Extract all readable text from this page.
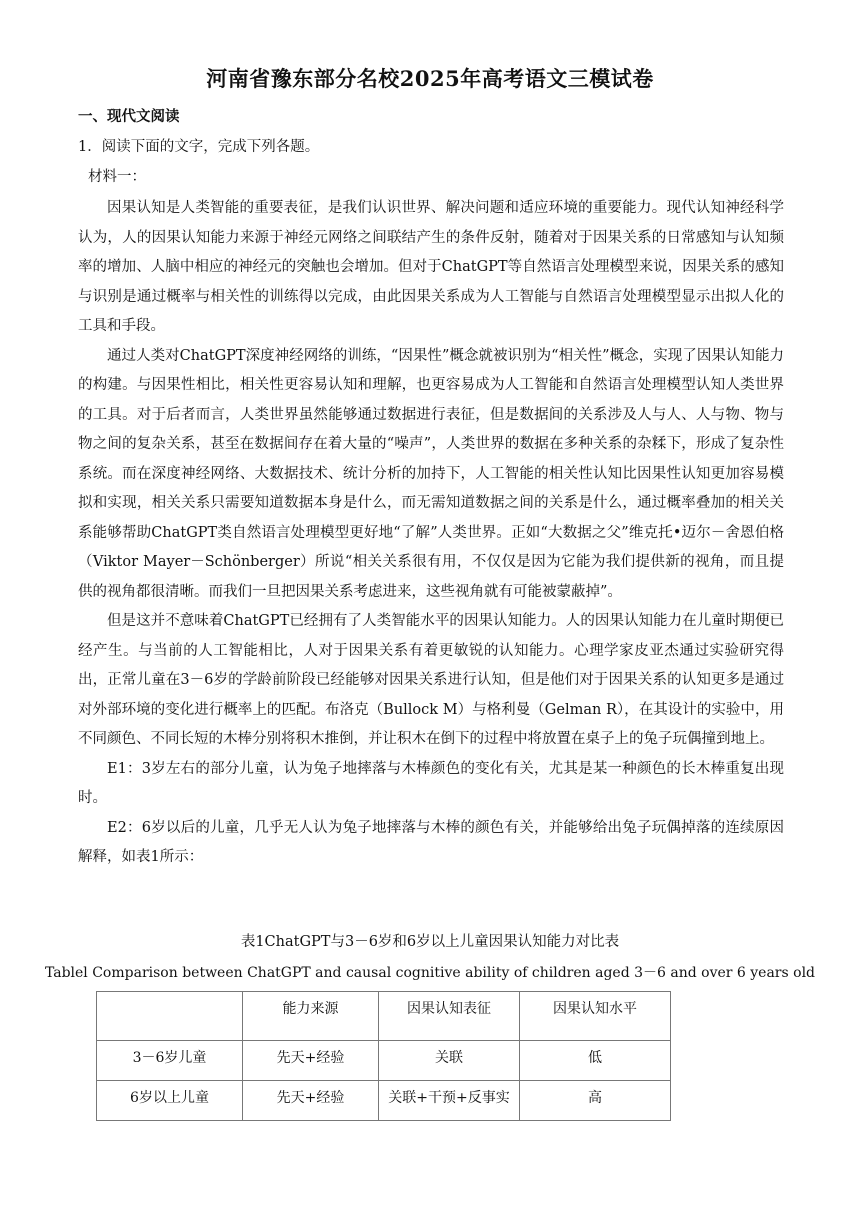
河南省豫东部分名校2025年高考语文三模试卷
一、现代文阅读
1．阅读下面的文字，完成下列各题。
材料一：

因果认知是人类智能的重要表征，是我们认识世界、解决问题和适应环境的重要能力。现代认知神经科学认为，人的因果认知能力来源于神经元网络之间联结产生的条件反射，随着对于因果关系的日常感知与认知频率的增加、人脑中相应的神经元的突触也会增加。但对于ChatGPT等自然语言处理模型来说，因果关系的感知与识别是通过概率与相关性的训练得以完成，由此因果关系成为人工智能与自然语言处理模型显示出拟人化的工具和手段。

通过人类对ChatGPT深度神经网络的训练，“因果性”概念就被识别为“相关性”概念，实现了因果认知能力的构建。与因果性相比，相关性更容易认知和理解，也更容易成为人工智能和自然语言处理模型认知人类世界的工具。对于后者而言，人类世界虽然能够通过数据进行表征，但是数据间的关系涉及人与人、人与物、物与物之间的复杂关系，甚至在数据间存在着大量的“噪声”，人类世界的数据在多种关系的杂糅下，形成了复杂性系统。而在深度神经网络、大数据技术、统计分析的加持下，人工智能的相关性认知比因果性认知更加容易模拟和实现，相关关系只需要知道数据本身是什么，而无需知道数据之间的关系是什么，通过概率叠加的相关关系能够帮助ChatGPT类自然语言处理模型更好地“了解”人类世界。正如“大数据之父”维克托•迈尔－舍恩伯格（Viktor Mayer－Schönberger）所说“相关关系很有用，不仅仅是因为它能为我们提供新的视角，而且提供的视角都很清晰。而我们一旦把因果关系考虑进来，这些视角就有可能被蒙蔽掉”。

但是这并不意味着ChatGPT已经拥有了人类智能水平的因果认知能力。人的因果认知能力在儿童时期便已经产生。与当前的人工智能相比，人对于因果关系有着更敏锐的认知能力。心理学家皮亚杰通过实验研究得出，正常儿童在3－6岁的学龄前阶段已经能够对因果关系进行认知，但是他们对于因果关系的认知更多是通过对外部环境的变化进行概率上的匹配。布洛克（Bullock M）与格利曼（Gelman R），在其设计的实验中，用不同颜色、不同长短的木棒分别将积木推倒，并让积木在倒下的过程中将放置在桌子上的兔子玩偶撞到地上。

E1：3岁左右的部分儿童，认为兔子地摔落与木棒颜色的变化有关，尤其是某一种颜色的长木棒重复出现时。

E2：6岁以后的儿童，几乎无人认为兔子地摔落与木棒的颜色有关，并能够给出兔子玩偶掉落的连续原因解释，如表1所示：

表1ChatGPT与3－6岁和6岁以上儿童因果认知能力对比表
Tablel Comparison between ChatGPT and causal cognitive ability of children aged 3－6 and over 6 years old
	能力来源	因果认知表征	因果认知水平
3－6岁儿童	先天+经验	关联	低
6岁以上儿童	先天+经验	关联+干预+反事实	高
